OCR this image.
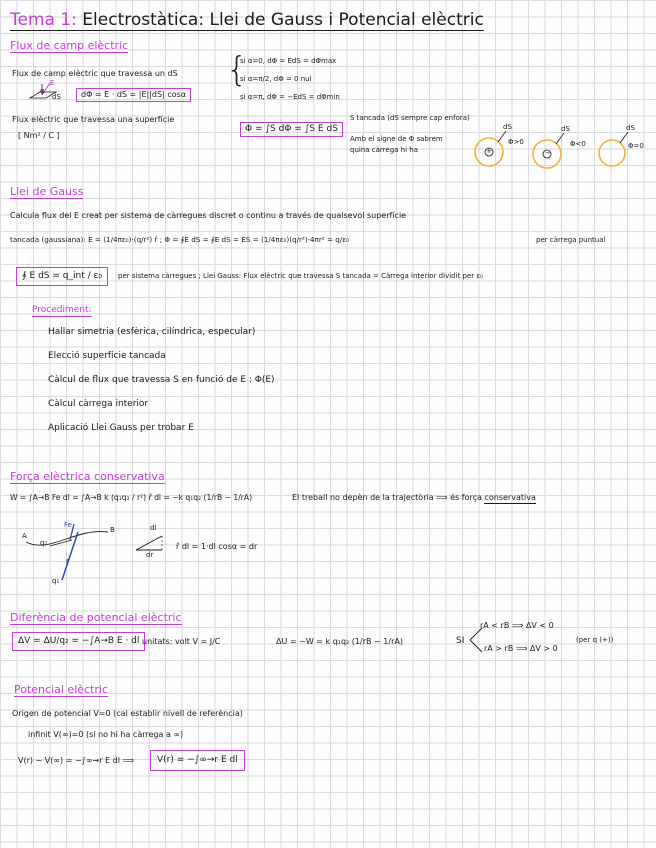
Tema 1: Electrostàtica: Llei de Gauss i Potencial elèctric
Flux de camp elèctric
Flux de camp elèctric que travessa un dS
E
α
dS	dΦ = E · dS = |E||dS| cosα
{
si α=0, dΦ = EdS = dΦmax
si α=π/2, dΦ = 0 nul
si α=π, dΦ = −EdS = dΦmin
Flux elèctric que travessa una superfície
[ Nm² / C ]
Φ = ∫S dΦ = ∫S E dS
S tancada (dS sempre cap enfora)
Amb el signe de Φ sabrem
quina càrrega hi ha	+
dS
Φ>0
−
dS
Φ<0
dS
Φ=0
Llei de Gauss
Calcula flux del E creat per sistema de càrregues discret o continu a través de qualsevol superfície
tancada (gaussiana): E = (1/4πε₀)·(q/r²) r̂ ; Φ = ∮E dS = ∮E dS = ES = (1/4πε₀)(q/r²)·4πr² = q/ε₀	per càrrega puntual
∮ E dS = q_int / ε₀	per sistema càrregues ; Llei Gauss: Flux elèctric que travessa S tancada = Càrrega interior dividit per ε₀
Procediment:
Hallar simetria (esfèrica, cilíndrica, especular)
Elecció superfície tancada
Càlcul de flux que travessa S en funció de E : Φ(E)
Càlcul càrrega interior
Aplicació Llei Gauss per trobar E
Força elèctrica conservativa
W = ∫A→B Fe dl = ∫A→B k (q₁q₂ / r²) r̂ dl = −k q₁q₂ (1/rB − 1/rA)	El treball no depèn de la trajectòria ⟹ és força conservativa
A
B
Fe
q₂
r
q₁
dl
dr
r̂ dl = 1·dl cosα = dr
Diferència de potencial elèctric
ΔV = ΔU/q₂ = −∫A→B E · dl unitats: volt V = J/C	ΔU = −W = k q₁q₂ (1/rB − 1/rA)	SI
rA < rB ⟹ ΔV < 0
rA > rB ⟹ ΔV > 0
(per q (+))
Potencial elèctric
Origen de potencial V=0 (cal establir nivell de referència)
infinit V(∞)=0 (si no hi ha càrrega a ∞)
V(r) − V(∞) = −∫∞→r E dl ⟹	V(r) = −∫∞→r E dl
